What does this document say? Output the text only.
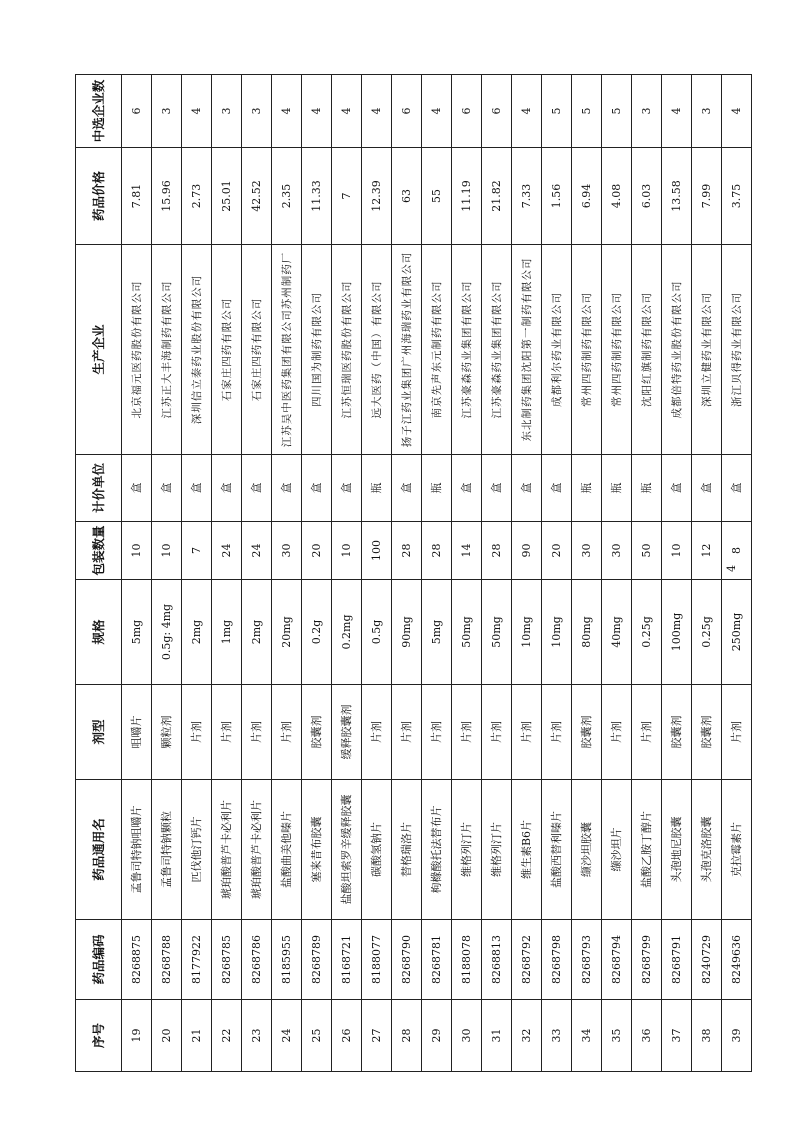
序号	药品编码	药品通用名	剂型	规格	包装数量	计价单位	生产企业	药品价格	中选企业数
19	8268875	孟鲁司特钠咀嚼片	咀嚼片	5mg	10	盒	北京福元医药股份有限公司	7.81	6
20	8268788	孟鲁司特钠颗粒	颗粒剂	0.5g: 4mg	10	盒	江苏正大丰海制药有限公司	15.96	3
21	8177922	匹伐他汀钙片	片剂	2mg	7	盒	深圳信立泰药业股份有限公司	2.73	4
22	8268785	琥珀酸普芦卡必利片	片剂	1mg	24	盒	石家庄四药有限公司	25.01	3
23	8268786	琥珀酸普芦卡必利片	片剂	2mg	24	盒	石家庄四药有限公司	42.52	3
24	8185955	盐酸曲美他嗪片	片剂	20mg	30	盒	江苏吴中医药集团有限公司苏州制药厂	2.35	4
25	8268789	塞来昔布胶囊	胶囊剂	0.2g	20	盒	四川国为制药有限公司	11.33	4
26	8168721	盐酸坦索罗辛缓释胶囊	缓释胶囊剂	0.2mg	10	盒	江苏恒瑞医药股份有限公司	7	4
27	8188077	碳酸氢钠片	片剂	0.5g	100	瓶	远大医药（中国）有限公司	12.39	4
28	8268790	替格瑞洛片	片剂	90mg	28	盒	扬子江药业集团广州海瑞药业有限公司	63	6
29	8268781	枸橼酸托法替布片	片剂	5mg	28	瓶	南京先声东元制药有限公司	55	4
30	8188078	维格列汀片	片剂	50mg	14	盒	江苏豪森药业集团有限公司	11.19	6
31	8268813	维格列汀片	片剂	50mg	28	盒	江苏豪森药业集团有限公司	21.82	6
32	8268792	维生素B6片	片剂	10mg	90	盒	东北制药集团沈阳第一制药有限公司	7.33	4
33	8268798	盐酸西替利嗪片	片剂	10mg	20	盒	成都利尔药业有限公司	1.56	5
34	8268793	缬沙坦胶囊	胶囊剂	80mg	30	瓶	常州四药制药有限公司	6.94	5
35	8268794	缬沙坦片	片剂	40mg	30	瓶	常州四药制药有限公司	4.08	5
36	8268799	盐酸乙胺丁醇片	片剂	0.25g	50	瓶	沈阳红旗制药有限公司	6.03	3
37	8268791	头孢地尼胶囊	胶囊剂	100mg	10	盒	成都倍特药业股份有限公司	13.58	4
38	8240729	头孢克洛胶囊	胶囊剂	0.25g	12	盒	深圳立健药业有限公司	7.99	3
39	8249636	克拉霉素片	片剂	250mg	8	盒	浙江贝得药业有限公司	3.75	4
4
